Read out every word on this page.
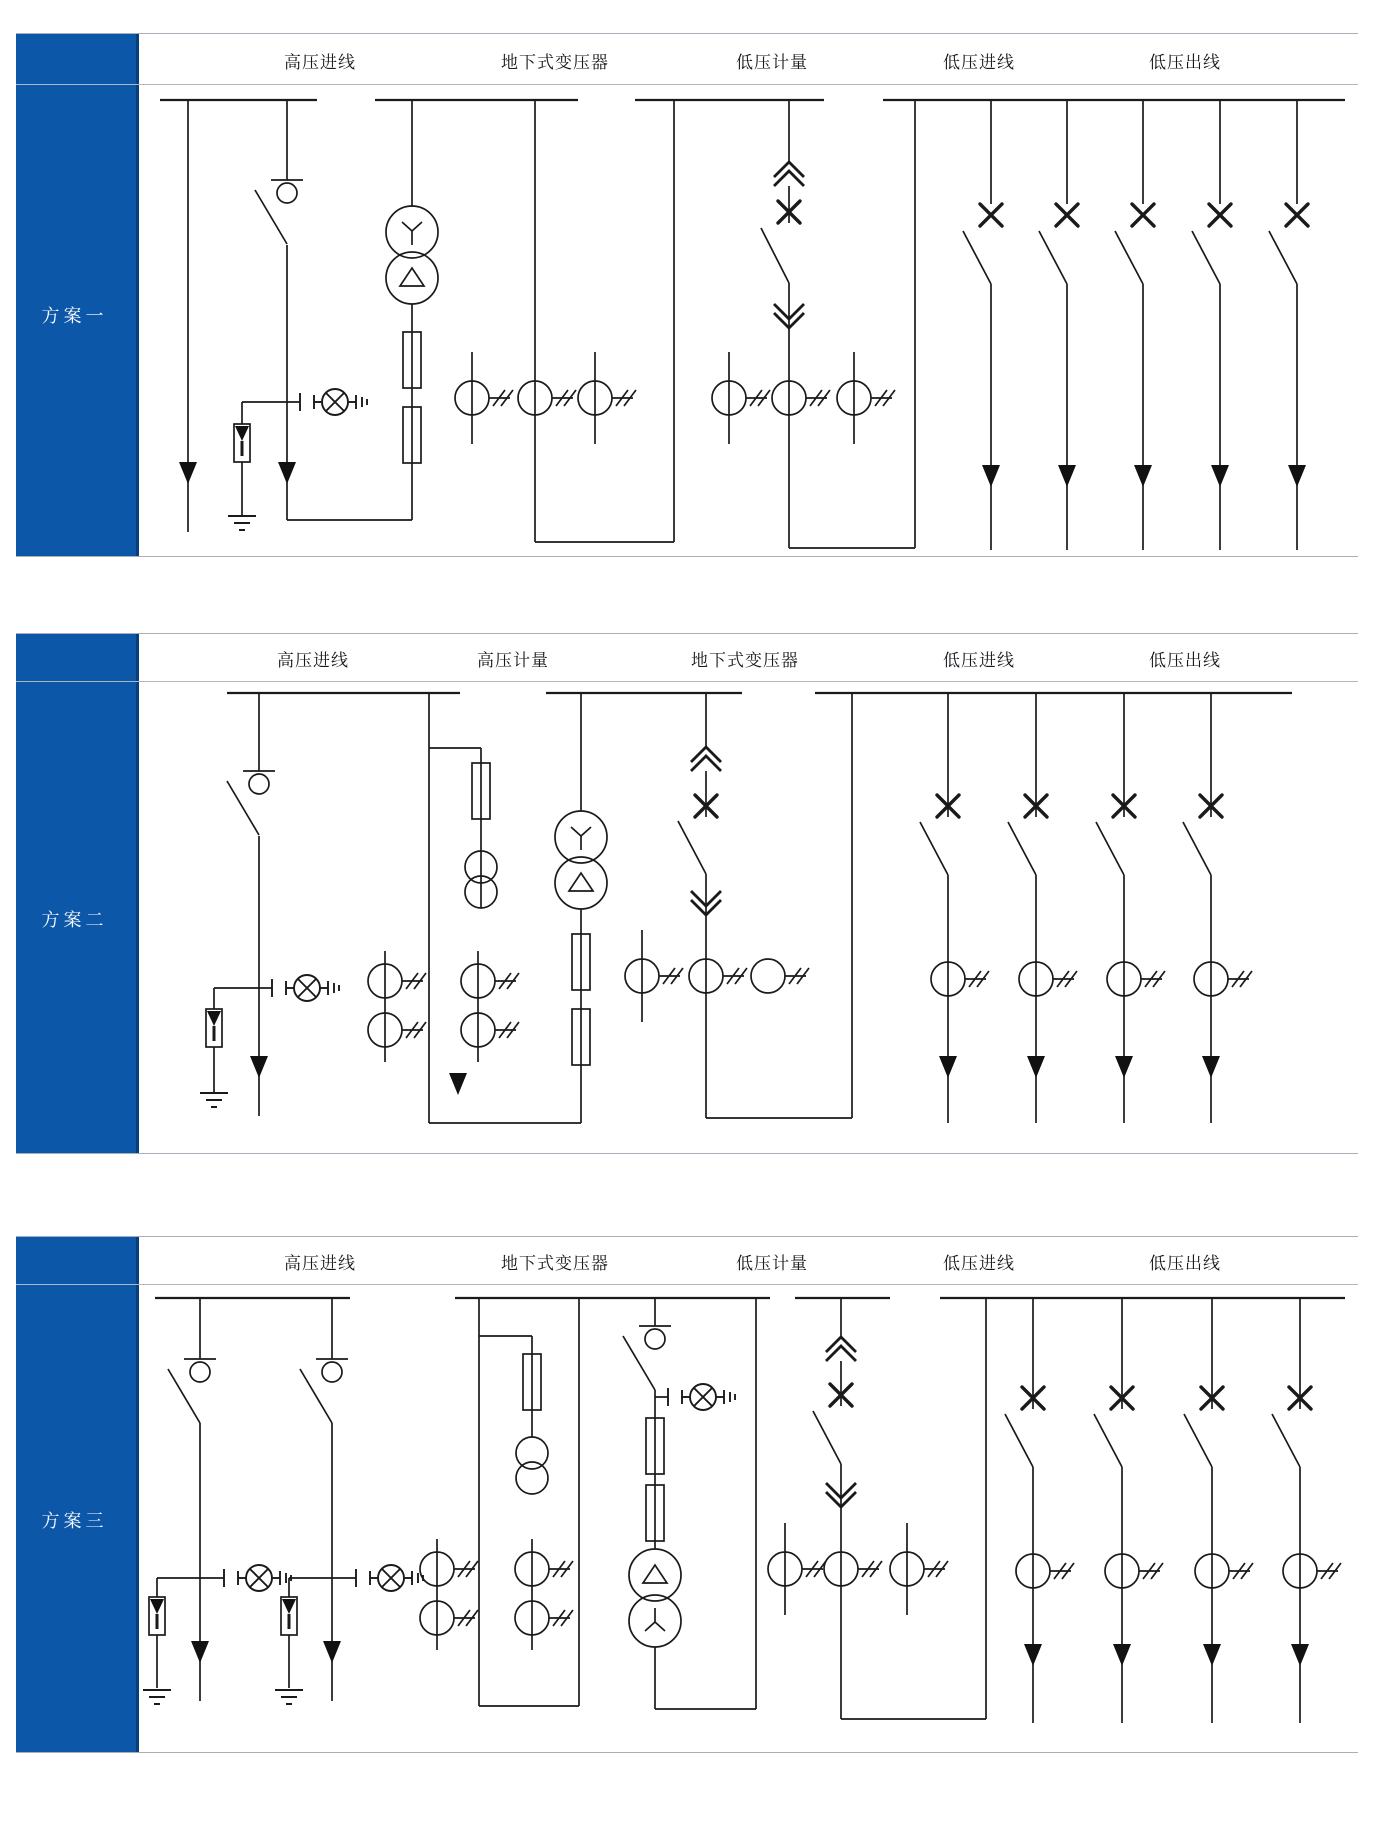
方案一
高压进线	地下式变压器	低压计量	低压进线	低压出线
方案二
高压进线	高压计量	地下式变压器	低压进线	低压出线
方案三
高压进线	地下式变压器	低压计量	低压进线	低压出线
